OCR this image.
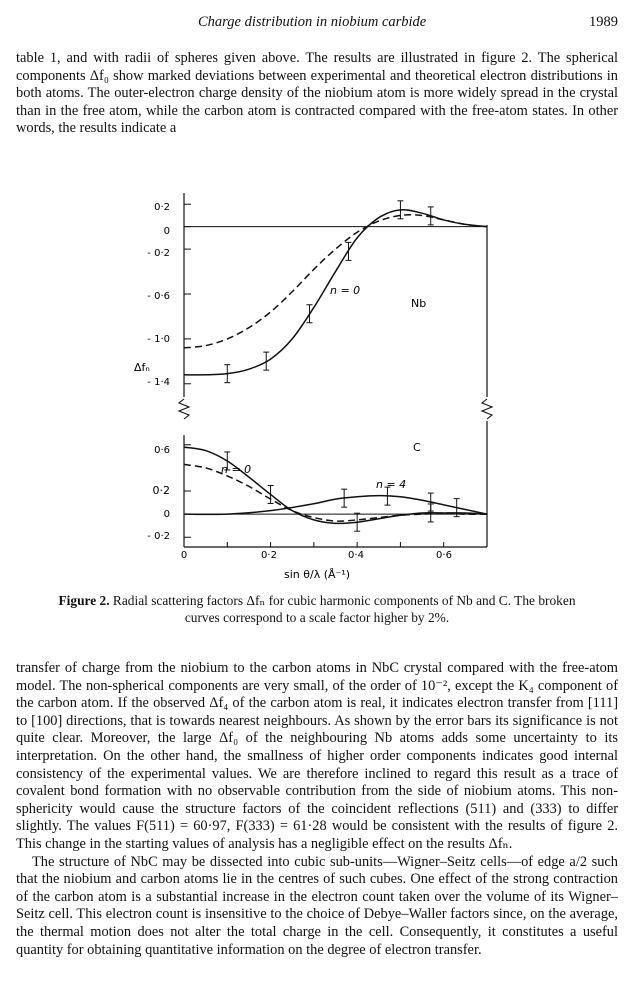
Charge distribution in niobium carbide	1989

table 1, and with radii of spheres given above. The results are illustrated in figure 2. The spherical components Δf₀ show marked deviations between experimental and theoretical electron distributions in both atoms. The outer-electron charge density of the niobium atom is more widely spread in the crystal than in the free atom, while the carbon atom is contracted compared with the free-atom states. In other words, the results indicate a

Δfₙ
Nb
n = 0
C
n = 0
n = 4
sin θ/λ (Å⁻¹)
0·2
0
- 0·2
- 0·6
- 1·0
- 1·4
0·6
0·2
0
- 0·2
0	0·2	0·4	0·6
Figure 2. Radial scattering factors Δfₙ for cubic harmonic components of Nb and C. The broken curves correspond to a scale factor higher by 2%.
transfer of charge from the niobium to the carbon atoms in NbC crystal compared with the free-atom model. The non-spherical components are very small, of the order of 10⁻², except the K₄ component of the carbon atom. If the observed Δf₄ of the carbon atom is real, it indicates electron transfer from [111] to [100] directions, that is towards nearest neighbours. As shown by the error bars its significance is not quite clear. Moreover, the large Δf₀ of the neighbouring Nb atoms adds some uncertainty to its interpretation. On the other hand, the smallness of higher order components indicates good internal consistency of the experimental values. We are therefore inclined to regard this result as a trace of covalent bond formation with no observable contribution from the side of niobium atoms. This non-sphericity would cause the structure factors of the coincident reflections (511) and (333) to differ slightly. The values F(511) = 60·97, F(333) = 61·28 would be consistent with the results of figure 2. This change in the starting values of analysis has a negligible effect on the results Δfₙ.
The structure of NbC may be dissected into cubic sub-units—Wigner–Seitz cells—of edge a/2 such that the niobium and carbon atoms lie in the centres of such cubes. One effect of the strong contraction of the carbon atom is a substantial increase in the electron count taken over the volume of its Wigner–Seitz cell. This electron count is insensitive to the choice of Debye–Waller factors since, on the average, the thermal motion does not alter the total charge in the cell. Consequently, it constitutes a useful quantity for obtaining quantitative information on the degree of electron transfer.
